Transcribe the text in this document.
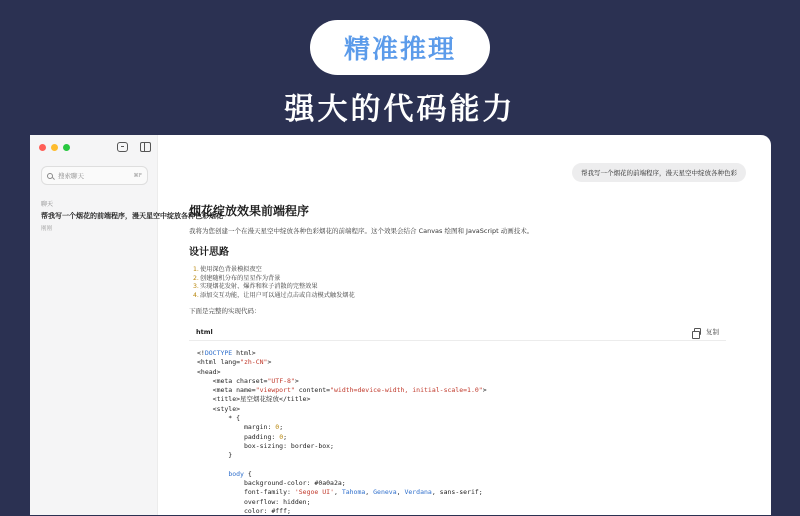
精准推理
强大的代码能力
搜索聊天	⌘F
聊天
帮我写一个烟花的前端程序，漫天星空中绽放各种色彩烟花
刚刚
帮我写一个烟花的前端程序，漫天星空中绽放各种色彩
烟花绽放效果前端程序
我将为您创建一个在漫天星空中绽放各种色彩烟花的前端程序。这个效果会结合 Canvas 绘图和 JavaScript 动画技术。
设计思路
1.使用深色背景模拟夜空
2.创建随机分布的星星作为背景
3.实现烟花发射、爆炸和粒子消散的完整效果
4.添加交互功能，让用户可以通过点击或自动模式触发烟花
下面是完整的实现代码：
html	复制
<!DOCTYPE html>
<html lang="zh-CN">
<head>
<meta charset="UTF-8">
<meta name="viewport" content="width=device-width, initial-scale=1.0">
<title>星空烟花绽放</title>
<style>
* {
margin: 0;
padding: 0;
box-sizing: border-box;
}

body {
background-color: #0a0a2a;
font-family: 'Segoe UI', Tahoma, Geneva, Verdana, sans-serif;
overflow: hidden;
color: #fff;
